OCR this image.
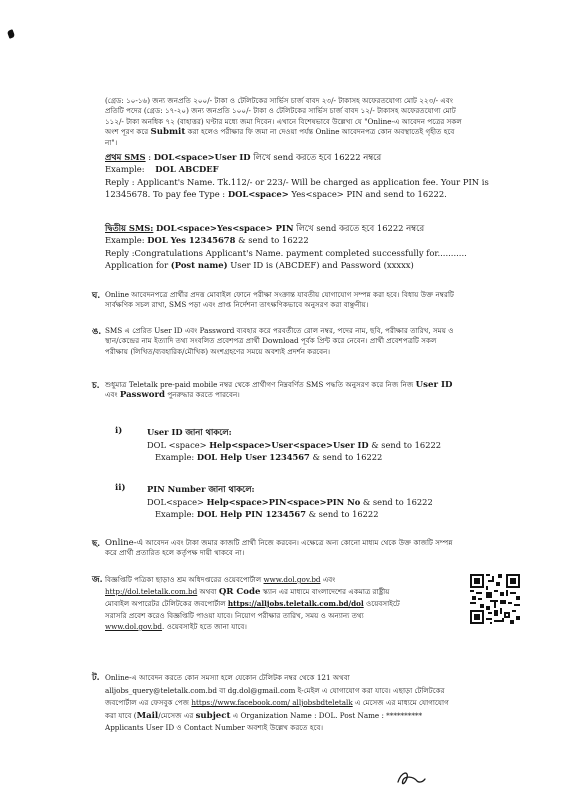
(গ্রেড: ১০-১৬) জন্য জনপ্রতি ২০০/- টাকা ও টেলিটকের সার্ভিস চার্জ বাবদ ২৩/- টাকাসহ অফেরতযোগ্য মোট ২২৩/- এবং

প্রতিটি পদের (গ্রেড: ১৭-২০) জন্য জনপ্রতি ১০০/- টাকা ও টেলিটকের সার্ভিস চার্জ বাবদ ১২/- টাকাসহ অফেরতযোগ্য মোট

১১২/- টাকা অনধিক ৭২ (বাহাত্তর) ঘণ্টার মধ্যে জমা দিবেন। এখানে বিশেষভাবে উল্লেখ্য যে "Online-এ আবেদন পত্রের সকল

অংশ পূরণ করে Submit করা হলেও পরীক্ষার ফি জমা না দেওয়া পর্যন্ত Online আবেদনপত্র কোন অবস্থাতেই গৃহীত হবে

না"।

প্রথম SMS : DOL<space>User ID লিখে send করতে হবে 16222 নম্বরে

Example: DOL ABCDEF

Reply : Applicant's Name. Tk.112/- or 223/- Will be charged as application fee. Your PIN is

12345678. To pay fee Type : DOL<space> Yes<space> PIN and send to 16222.

দ্বিতীয় SMS: DOL<space>Yes<space> PIN লিখে send করতে হবে 16222 নম্বরে

Example: DOL Yes 12345678 & send to 16222

Reply :Congratulations Applicant's Name. payment completed successfully for...........

Application for (Post name) User ID is (ABCDEF) and Password (xxxxx)

ঘ. Online আবেদনপত্রে প্রার্থীর প্রদত্ত মোবাইল ফোনে পরীক্ষা সংক্রান্ত যাবতীয় যোগাযোগ সম্পন্ন করা হবে। বিধায় উক্ত নম্বরটি

সার্বক্ষণিক সচল রাখা, SMS পড়া এবং প্রাপ্ত নির্দেশনা তাৎক্ষণিকভাবে অনুসরণ করা বাঞ্ছনীয়।

ঙ. SMS এ প্রেরিত User ID এবং Password ব্যবহার করে পরবর্তীতে রোল নম্বর, পদের নাম, ছবি, পরীক্ষার তারিখ, সময় ও

স্থান/কেন্দ্রের নাম ইত্যাদি তথ্য সংবলিত প্রবেশপত্র প্রার্থী Download পূর্বক প্রিন্ট করে নেবেন। প্রার্থী প্রবেশপত্রটি সকল

পরীক্ষায় (লিখিত/ব্যবহারিক/মৌখিক) অংশগ্রহণের সময়ে অবশ্যই প্রদর্শন করবেন।

চ. শুধুমাত্র Teletalk pre-paid mobile নম্বর থেকে প্রার্থীগণ নিম্নবর্ণিত SMS পদ্ধতি অনুসরণ করে নিজ নিজ User ID

এবং Password পুনরুদ্ধার করতে পারবেন।

i)	User ID জানা থাকলে:

DOL <space> Help<space>User<space>User ID & send to 16222

Example: DOL Help User 1234567 & send to 16222

ii)	PIN Number জানা থাকলে:

DOL<space> Help<space>PIN<space>PIN No & send to 16222

Example: DOL Help PIN 1234567 & send to 16222

ছ. Online-এ আবেদন এবং টাকা জমার কাজটি প্রার্থী নিজে করবেন। এক্ষেত্রে অন্য কোনো মাধ্যম থেকে উক্ত কাজটি সম্পন্ন

করে প্রার্থী প্রতারিত হলে কর্তৃপক্ষ দায়ী থাকবে না।

জ. বিজ্ঞপ্তিটি পত্রিকা ছাড়াও শ্রম অধিদপ্তরের ওয়েবপোর্টাল www.dol.gov.bd এবং

http://dol.teletalk.com.bd অথবা QR Code স্ক্যান এর মাধ্যমে বাংলাদেশের একমাত্র রাষ্ট্রীয়

মোবাইল অপারেটর টেলিটকের জবপোর্টাল https://alljobs.teletalk.com.bd/dol ওয়েবসাইটে

সরাসরি প্রবেশ করেও বিজ্ঞপ্তিটি পাওয়া যাবে। নিয়োগ পরীক্ষার তারিখ, সময় ও অন্যান্য তথ্য

www.dol.gov.bd. ওয়েবসাইট হতে জানা যাবে।

ট. Online-এ আবেদন করতে কোন সমস্যা হলে যেকোন টেলিটক নম্বর থেকে 121 অথবা

alljobs_query@teletalk.com.bd বা dg.dol@gmail.com ই-মেইল এ যোগাযোগ করা যাবে। এছাড়া টেলিটকের

জবপোর্টাল এর ফেসবুক পেজ https://www.facebook.com/ alljobsbdteletalk এ মেসেজ এর মাধ্যমে যোগাযোগ

করা যাবে (Mail/মেসেজ এর subject এ Organization Name : DOL. Post Name : **********

Applicants User ID ও Contact Number অবশ্যই উল্লেখ করতে হবে।
